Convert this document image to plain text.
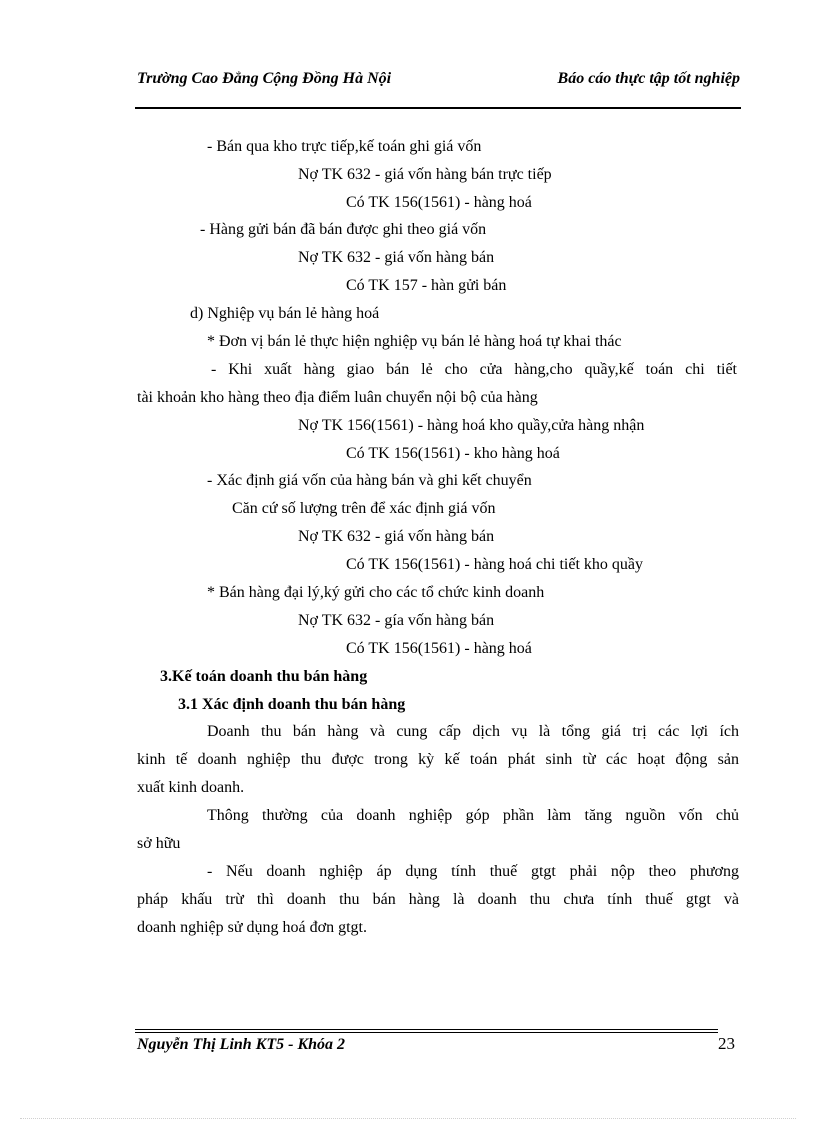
Trường Cao Đẳng Cộng Đồng Hà Nội	Báo cáo thực tập tốt nghiệp
- Bán qua kho trực tiếp,kế toán ghi giá vốn
Nợ TK 632 - giá vốn hàng bán trực tiếp
Có TK 156(1561) - hàng hoá
- Hàng gửi bán đã bán được ghi theo giá vốn
Nợ TK 632 - giá vốn hàng bán
Có TK 157 - hàn gửi bán
d) Nghiệp vụ bán lẻ hàng hoá
* Đơn vị bán lẻ thực hiện nghiệp vụ bán lẻ hàng hoá tự khai thác
- Khi xuất hàng giao bán lẻ cho cửa hàng,cho quầy,kế toán chi tiết
tài khoản kho hàng theo địa điểm luân chuyển nội bộ của hàng
Nợ TK 156(1561) - hàng hoá kho quầy,cửa hàng nhận
Có TK 156(1561) - kho hàng hoá
- Xác định giá vốn của hàng bán và ghi kết chuyển
Căn cứ số lượng trên để xác định giá vốn
Nợ TK 632 - giá vốn hàng bán
Có TK 156(1561) - hàng hoá chi tiết kho quầy
* Bán hàng đại lý,ký gửi cho các tổ chức kinh doanh
Nợ TK 632 - gía vốn hàng bán
Có TK 156(1561) - hàng hoá
3.Kế toán doanh thu bán hàng
3.1 Xác định doanh thu bán hàng
Doanh thu bán hàng và cung cấp dịch vụ là tổng giá trị các lợi ích
kinh tế doanh nghiệp thu được trong kỳ kế toán phát sinh từ các hoạt động sản
xuất kinh doanh.
Thông thường của doanh nghiệp góp phần làm tăng nguồn vốn chủ
sở hữu
- Nếu doanh nghiệp áp dụng tính thuế gtgt phải nộp theo phương
pháp khấu trừ thì doanh thu bán hàng là doanh thu chưa tính thuế gtgt và
doanh nghiệp sử dụng hoá đơn gtgt.
Nguyễn Thị Linh KT5 - Khóa 2	23
